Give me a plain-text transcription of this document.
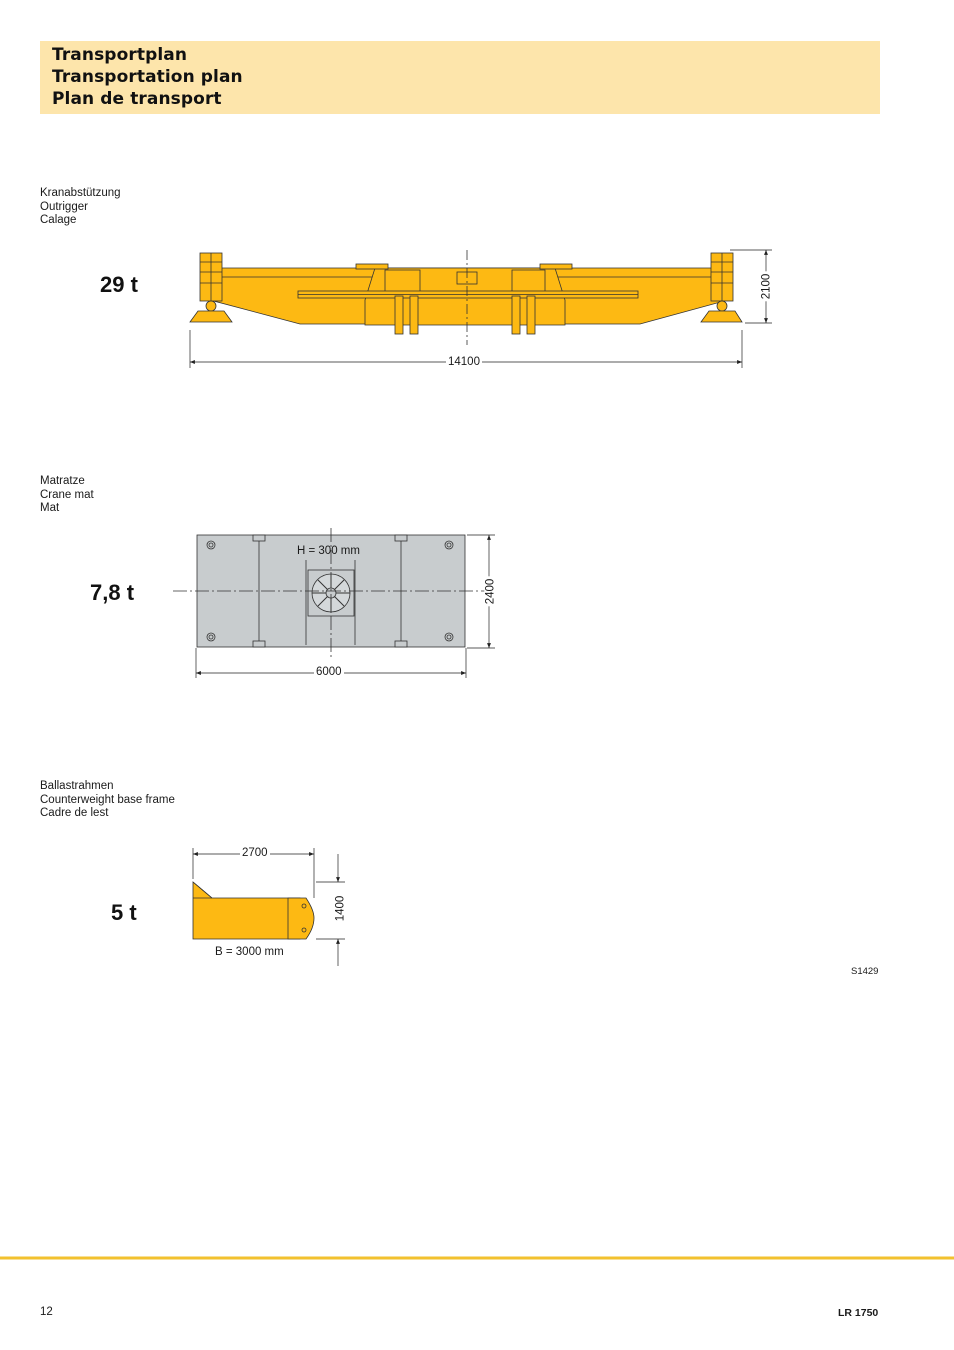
Transportplan
Transportation plan
Plan de transport
Kranabstützung
Outrigger
Calage
Matratze
Crane mat
Mat
Ballastrahmen
Counterweight base frame
Cadre de lest
29 t
7,8 t
5 t
14100
2100
H = 300 mm
6000
2400
2700
1400
B = 3000 mm
S1429
12	LR 1750
